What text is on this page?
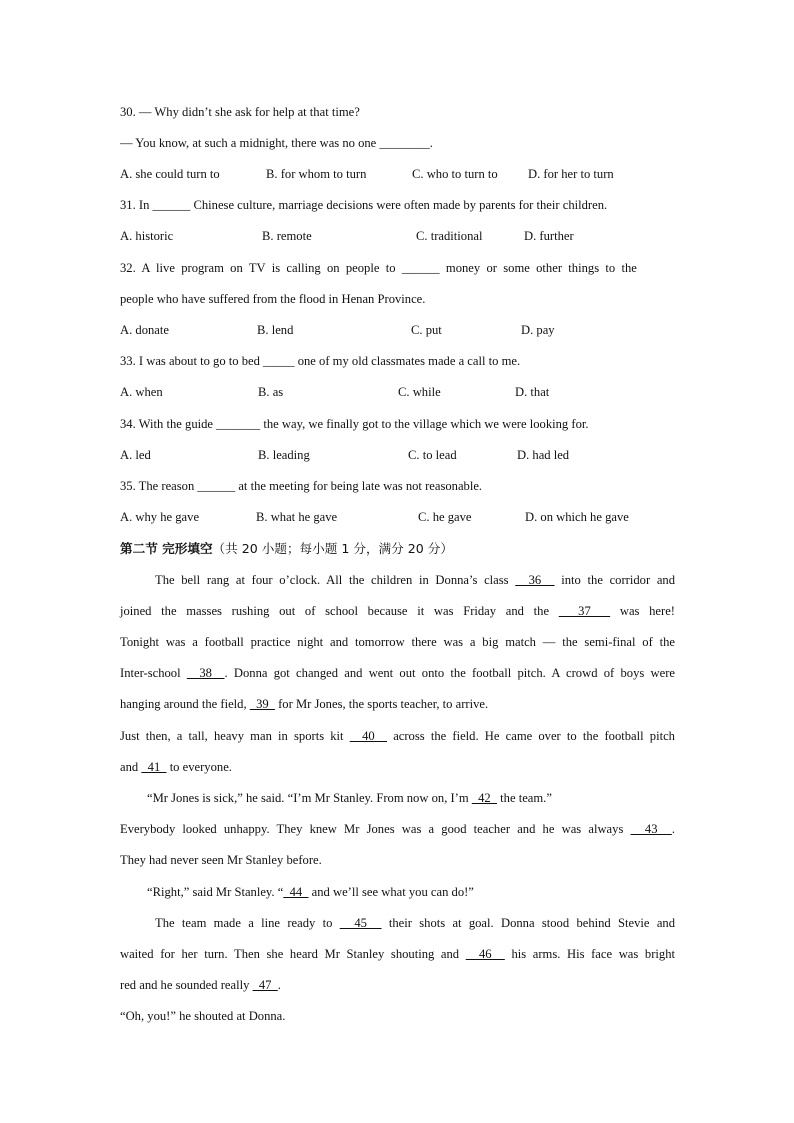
30. — Why didn’t she ask for help at that time?
— You know, at such a midnight, there was no one ________.
A. she could turn to	B. for whom to turn	C. who to turn to D. for her to turn
31. In ______ Chinese culture, marriage decisions were often made by parents for their children.
A. historic	B. remote	C. traditional	D. further
32.  A  live  program  on  TV  is  calling  on  people  to  ______  money  or  some  other  things  to  the
people who have suffered from the flood in Henan Province.
A. donate	B. lend	C. put	D. pay
33. I was about to go to bed _____ one of my old classmates made a call to me.
A. when	B. as	C. while	D. that
34. With the guide _______ the way, we finally got to the village which we were looking for.
A. led	B. leading	C. to lead	D. had led
35. The reason ______ at the meeting for being late was not reasonable.
A. why he gave	B. what he gave	C. he gave	D. on which he gave
第二节 完形填空（共 20 小题；每小题 1 分，满分 20 分）
The bell rang at four o’clock. All the children in Donna’s class   36   into the corridor and
joined the masses rushing out of school because it was Friday and the   37   was here!
Tonight was a football practice night and tomorrow there was a big match — the semi-final of the
Inter-school   38  . Donna got changed and went out onto the football pitch. A crowd of boys were
hanging around the field,   39   for Mr Jones, the sports teacher, to arrive.
Just then, a tall, heavy man in sports kit   40   across the field. He came over to the football pitch
and   41   to everyone.
“Mr Jones is sick,” he said. “I’m Mr Stanley. From now on, I’m   42   the team.”
Everybody looked unhappy. They knew Mr Jones was a good teacher and he was always   43  .
They had never seen Mr Stanley before.
“Right,” said Mr Stanley. “  44   and we’ll see what you can do!”
The team made a line ready to   45   their shots at goal. Donna stood behind Stevie and
waited for her turn. Then she heard Mr Stanley shouting and   46   his arms. His face was bright
red and he sounded really   47  .
“Oh, you!” he shouted at Donna.
